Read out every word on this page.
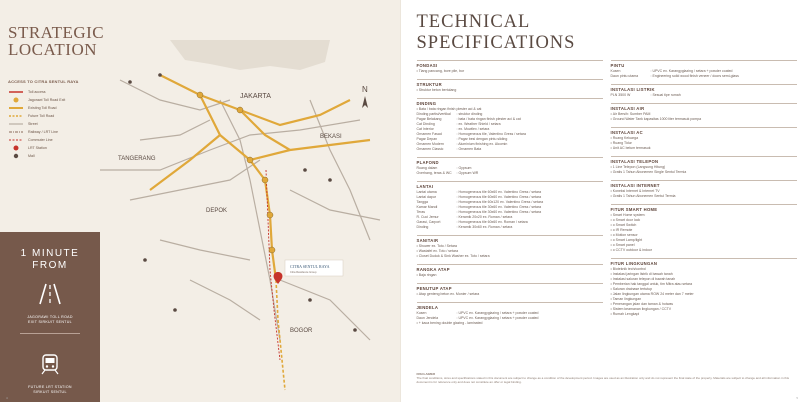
STRATEGIC
LOCATION
ACCESS TO CITRA SENTUL RAYA
Toll access
Jagorawi Toll Road Exit
Existing Toll Road
Future Toll Road
Street
Railway / LRT Line
Commuter Line
LRT Station
Mall
1 MINUTE
FROM
JAGORAWI TOLL ROAD
EXIT SIRKUIT SENTUL
FUTURE LRT STATION
SIRKUIT SENTUL
JAKARTA
BEKASI
TANGERANG
DEPOK
BOGOR
N
CITRA SENTUL RAYA
Citra Residence Group
4
TECHNICAL
SPECIFICATIONS
FONDASI
• Tiang pancang, bore pile, bor
STRUKTUR
• Struktur beton bertulang
DINDING
• Bata / bata ringan finish plester aci & cat
Dinding partisi/vertikal	: struktur dinding
Pagar Belakang	: bata / bata ringan finish plester aci & cat
Cat Dinding	: ex. Weather Shield / setara
Cat Interior	: ex. Mowilex / setara
Ornamen Fasad	: Homogeneous tile, Valentino Gress / setara
Pagar Depan	: Pagar besi dengan pintu sliding
Ornamen Modern	: Aluminium finishing ex. Alcomin
Ornamen Classic	: Ornamen Bata
PLAFOND
Ruang dalam	: Gypsum
Overhang, teras & WC	: Gypsum WR
LANTAI
Lantai utama	: Homogeneous tile 60x60 ex. Valentino Gress / setara
Lantai dapur	: Homogeneous tile 60x60 ex. Valentino Gress / setara
Tangga	: Homogeneous tile 60x120 ex. Valentino Gress / setara
Kamar Mandi	: Homogeneous tile 30x60 ex. Valentino Gress / setara
Teras	: Homogeneous tile 30x60 ex. Valentino Gress / setara
R. Cuci Jemur	: Keramik 20x20 ex. Roman / setara
Garasi, Carport	: Homogeneous tile 60x60 ex. Roman / setara
Dinding	: Keramik 30x60 ex. Roman / setara
SANITAIR
• Shower ex. Toto / Setara
• Wastafel ex. Toto / setara
• Closet Duduk & Sink Washer ex. Toto / setara
RANGKA ATAP
• Baja ringan
PENUTUP ATAP
• Atap genteng beton ex. Monier / setara
JENDELA
Kusen	: UPVC ex. Karangyglazing / setara + powder coated
Daun Jendela	: UPVC ex. Karangyglazing / setara + powder coated
• + kaca bening double glazing - laminated
PINTU
Kusen	: UPVC ex. Karangyglazing / setara + powder coated
Daun pintu utama	: Engineering solid wood finish veneer / doors semi-glass
INSTALASI LISTRIK
PLN 3500 W	: Sesuai tipe rumah
INSTALASI AIR
• Air Bersih: Sumber PAM
• Ground Water Tank kapasitas 1000 liter termasuk pompa
INSTALASI AC
• Ruang Keluarga
• Ruang Tidur
• Unit AC belum termasuk
INSTALASI TELEPON
• 1 Line Telepon (Langsung Hitung)
• Gratis 1 Tahun Abonemen Single Sentul Termia
INSTALASI INTERNET
• Koneksi Internet & Internet TV
• Gratis 1 Tahun Abonemen Sentul Termia
FITUR SMART HOME
• Smart Home system:
• o Smart door lock
• o Smart Switch
• o IR Remote
• o Motion sensor
• o Smart Lamp/light
• o Smart panel
• o CCTV outdoor & indoor
FITUR LINGKUNGAN
• Bioteknik tech/control
• Instalasi jaringan listrik di bawah tanah
• Instalasi saluran telepon di bawah tanah
• Pemberian hak tanggal untuk, tim Mitra atau setara
• Saluran drainase tertutup
• Jalan lingkungan utama ROW 24 meter dan 7 meter
• Taman lingkungan
• Penerangan jalan dan taman & hotwas
• Sistem keamanan lingkungan / CCTV
• Rumah Lengkapi
DISCLAIMER
The final conditions, sizes and specifications stated in this document are subject to change as a condition of the development period. Images are used as an illustration only and do not represent the final state of the property. Materials are subject to change and all information in this document is for reference only and does not constitute an offer or legal binding.
5
